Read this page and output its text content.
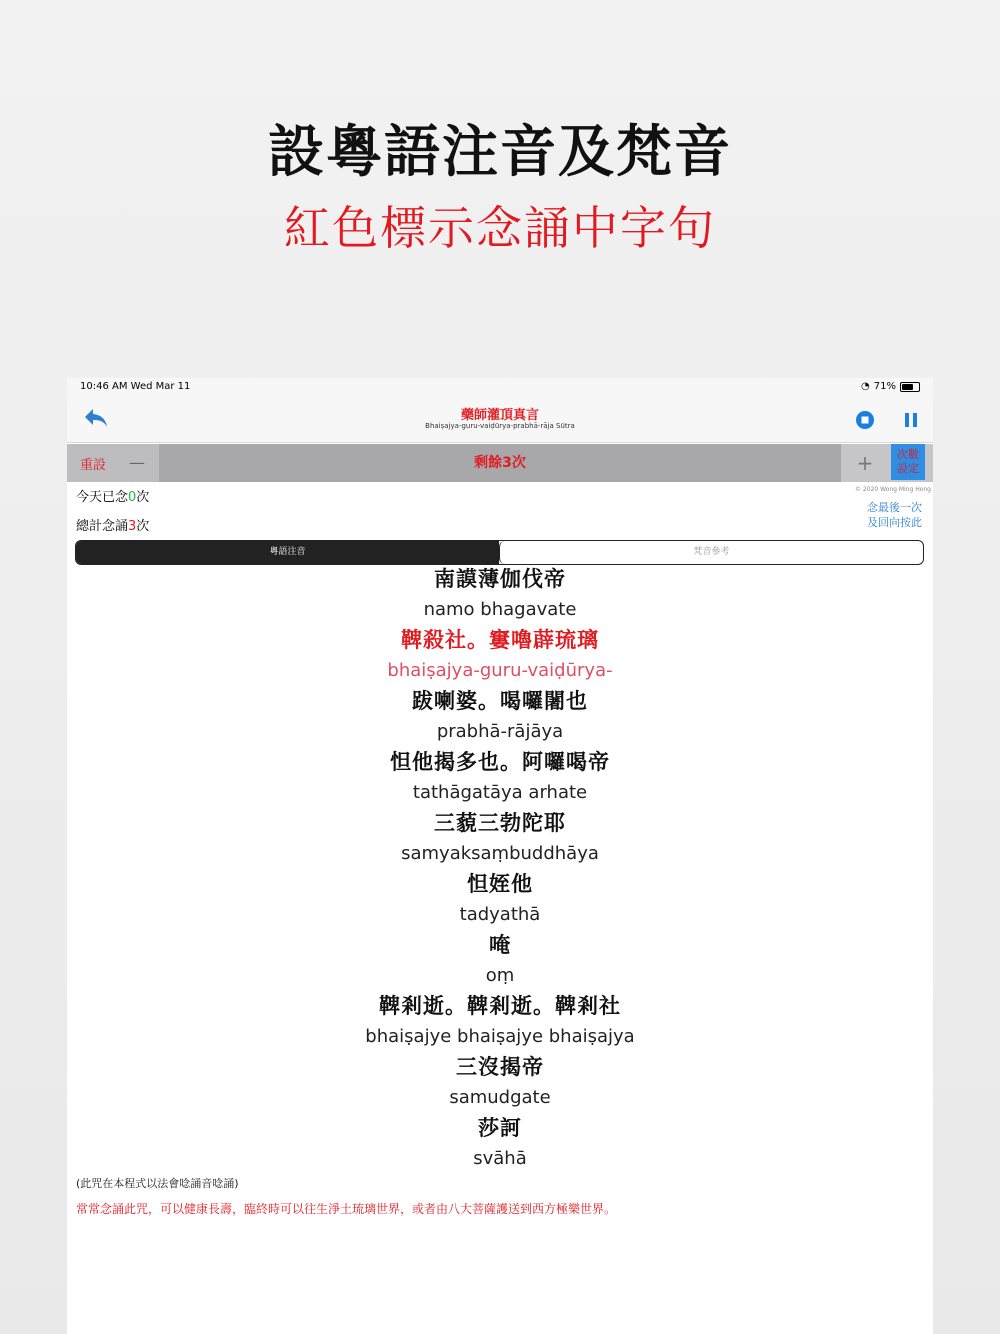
設粵語注音及梵音
紅色標示念誦中字句
10:46 AM Wed Mar 11	◔ 71%
藥師灌頂真言
Bhaiṣajya-guru-vaiḍūrya-prabhā-rāja Sūtra
重設 —	剩餘3次	+	次數
設定
今天已念0次
總計念誦3次
© 2020 Wong Ming Hong
念最後一次
及回向按此
粵語注音	梵音參考
南謨薄伽伐帝
namo bhagavate
鞞殺社。窶嚕薜琉璃
bhaiṣajya-guru-vaiḍūrya-
跋喇婆。喝囉闍也
prabhā-rājāya
怛他揭多也。阿囉喝帝
tathāgatāya arhate
三藐三勃陀耶
samyaksaṃbuddhāya
怛姪他
tadyathā
唵
oṃ
鞞剎逝。鞞剎逝。鞞剎社
bhaiṣajye bhaiṣajye bhaiṣajya
三沒揭帝
samudgate
莎訶
svāhā
(此咒在本程式以法會唸誦音唸誦)
常常念誦此咒，可以健康長壽，臨終時可以往生淨土琉璃世界，或者由八大菩薩護送到西方極樂世界。
